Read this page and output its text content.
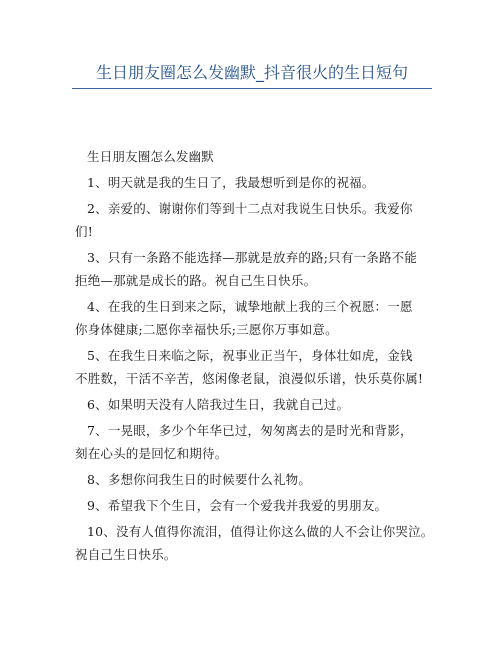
生日朋友圈怎么发幽默_抖音很火的生日短句
生日朋友圈怎么发幽默
1、明天就是我的生日了，我最想听到是你的祝福。
2、亲爱的、谢谢你们等到十二点对我说生日快乐。我爱你
们!
3、只有一条路不能选择—那就是放弃的路;只有一条路不能
拒绝—那就是成长的路。祝自己生日快乐。
4、在我的生日到来之际，诚挚地献上我的三个祝愿：一愿
你身体健康;二愿你幸福快乐;三愿你万事如意。
5、在我生日来临之际，祝事业正当午，身体壮如虎，金钱
不胜数，干活不辛苦，悠闲像老鼠，浪漫似乐谱，快乐莫你属!
6、如果明天没有人陪我过生日，我就自己过。
7、一晃眼，多少个年华已过，匆匆离去的是时光和背影，
刻在心头的是回忆和期待。
8、多想你问我生日的时候要什么礼物。
9、希望我下个生日，会有一个爱我并我爱的男朋友。
10、没有人值得你流泪，值得让你这么做的人不会让你哭泣。
祝自己生日快乐。
